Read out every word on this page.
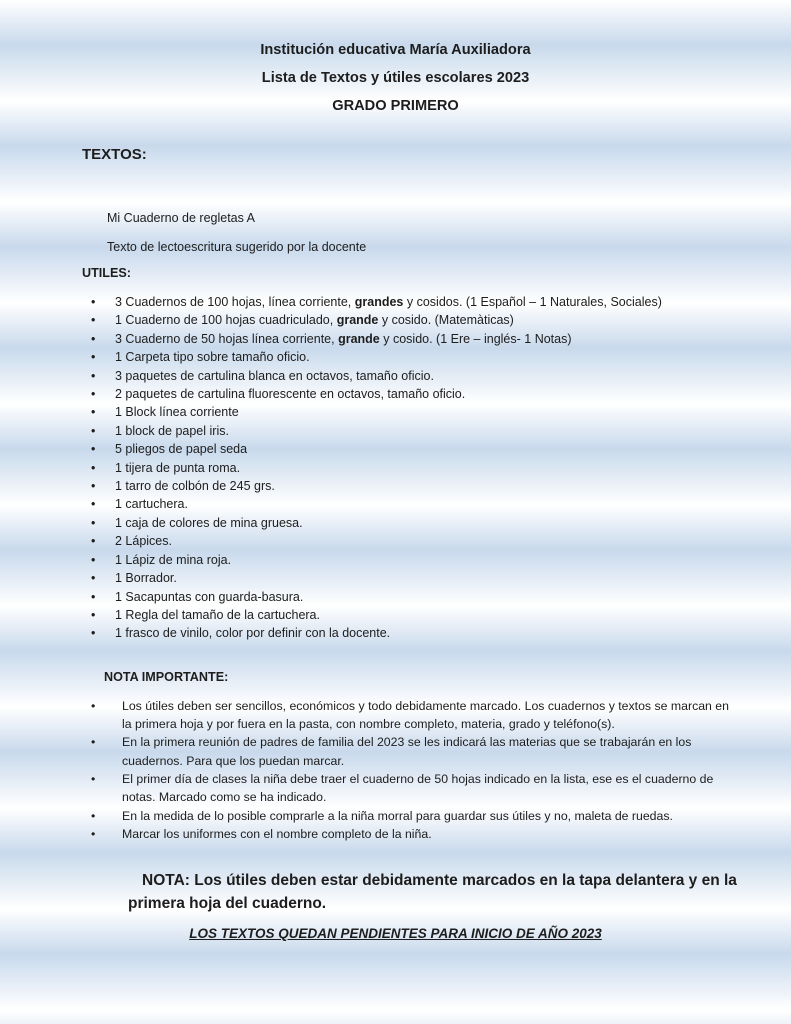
Institución educativa María Auxiliadora

Lista de Textos y útiles escolares 2023

GRADO PRIMERO

TEXTOS:

Mi Cuaderno de regletas A

Texto de lectoescritura sugerido por la docente

UTILES:
• 3 Cuadernos de 100 hojas, línea corriente, grandes y cosidos. (1 Español – 1 Naturales, Sociales)
• 1 Cuaderno de 100 hojas cuadriculado, grande y cosido. (Matemàticas)
• 3 Cuaderno de 50 hojas línea corriente, grande y cosido. (1 Ere – inglés- 1 Notas)
• 1 Carpeta tipo sobre tamaño oficio.
• 3 paquetes de cartulina blanca en octavos, tamaño oficio.
• 2 paquetes de cartulina fluorescente en octavos, tamaño oficio.
• 1 Block línea corriente
• 1 block de papel iris.
• 5 pliegos de papel seda
• 1 tijera de punta roma.
• 1 tarro de colbón de 245 grs.
• 1 cartuchera.
• 1 caja de colores de mina gruesa.
• 2 Lápices.
• 1 Lápiz de mina roja.
• 1 Borrador.
• 1 Sacapuntas con guarda-basura.
• 1 Regla del tamaño de la cartuchera.
• 1 frasco de vinilo, color por definir con la docente.
NOTA IMPORTANTE:
• Los útiles deben ser sencillos, económicos y todo debidamente marcado. Los cuadernos y textos se marcan en la primera hoja y por fuera en la pasta, con nombre completo, materia, grado y teléfono(s).
• En la primera reunión de padres de familia del 2023 se les indicará las materias que se trabajarán en los cuadernos. Para que los puedan marcar.
• El primer día de clases la niña debe traer el cuaderno de 50 hojas indicado en la lista, ese es el cuaderno de notas. Marcado como se ha indicado.
• En la medida de lo posible comprarle a la niña morral para guardar sus útiles y no, maleta de ruedas.
• Marcar los uniformes con el nombre completo de la niña.

NOTA: Los útiles deben estar debidamente marcados en la tapa delantera y en la primera hoja del cuaderno.

LOS TEXTOS QUEDAN PENDIENTES PARA INICIO DE AÑO 2023
